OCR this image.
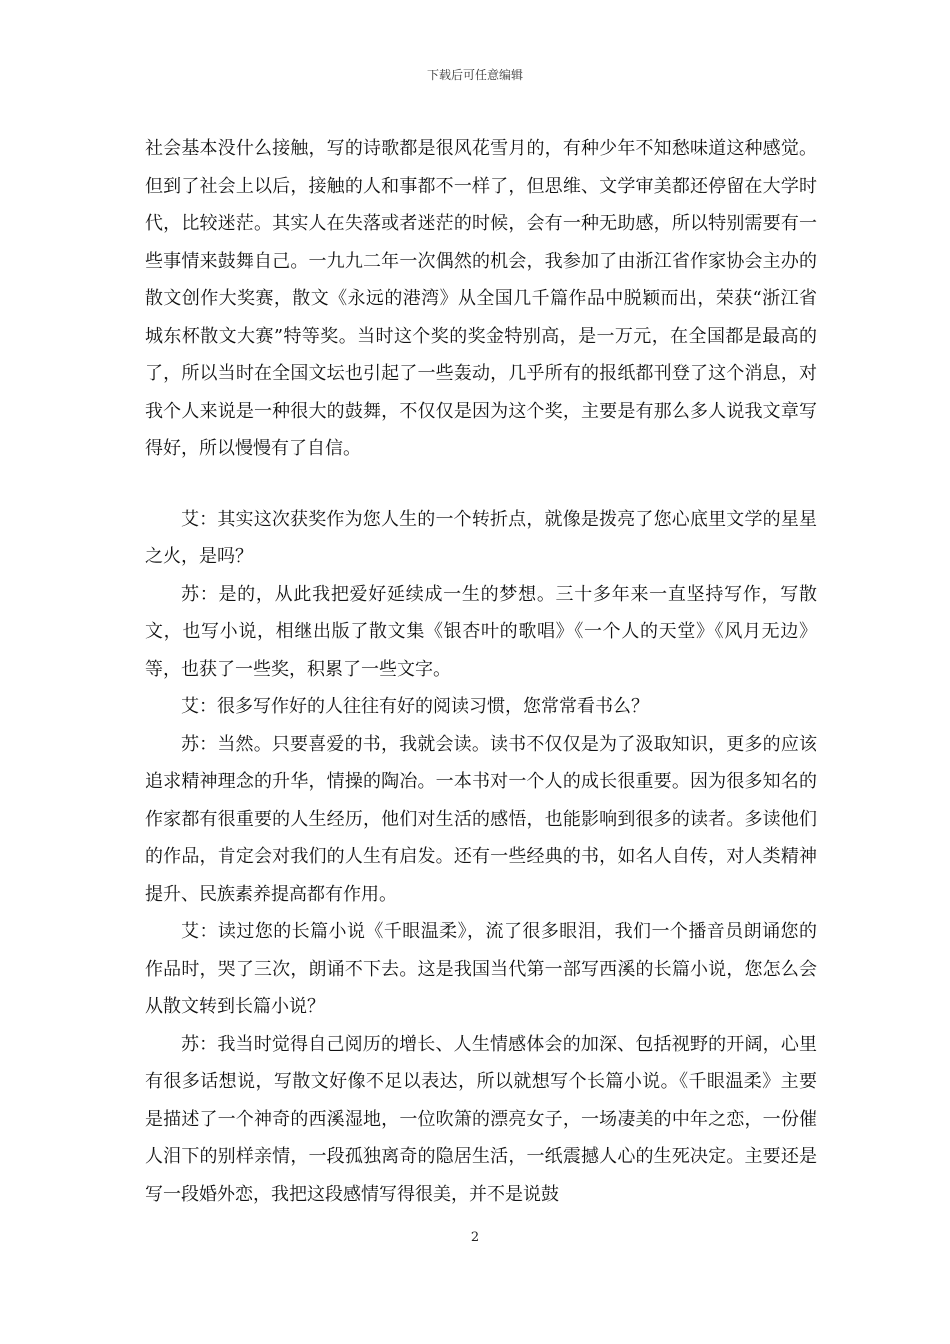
下载后可任意编辑

社会基本没什么接触，写的诗歌都是很风花雪月的，有种少年不知愁味道这种感觉。但到了社会上以后，接触的人和事都不一样了，但思维、文学审美都还停留在大学时代，比较迷茫。其实人在失落或者迷茫的时候，会有一种无助感，所以特别需要有一些事情来鼓舞自己。一九九二年一次偶然的机会，我参加了由浙江省作家协会主办的散文创作大奖赛，散文《永远的港湾》从全国几千篇作品中脱颖而出，荣获“浙江省城东杯散文大赛”特等奖。当时这个奖的奖金特别高，是一万元，在全国都是最高的了，所以当时在全国文坛也引起了一些轰动，几乎所有的报纸都刊登了这个消息，对我个人来说是一种很大的鼓舞，不仅仅是因为这个奖，主要是有那么多人说我文章写得好，所以慢慢有了自信。

艾：其实这次获奖作为您人生的一个转折点，就像是拨亮了您心底里文学的星星之火，是吗？

苏：是的，从此我把爱好延续成一生的梦想。三十多年来一直坚持写作，写散文，也写小说，相继出版了散文集《银杏叶的歌唱》《一个人的天堂》《风月无边》等，也获了一些奖，积累了一些文字。

艾：很多写作好的人往往有好的阅读习惯，您常常看书么？

苏：当然。只要喜爱的书，我就会读。读书不仅仅是为了汲取知识，更多的应该追求精神理念的升华，情操的陶冶。一本书对一个人的成长很重要。因为很多知名的作家都有很重要的人生经历，他们对生活的感悟，也能影响到很多的读者。多读他们的作品，肯定会对我们的人生有启发。还有一些经典的书，如名人自传，对人类精神提升、民族素养提高都有作用。

艾：读过您的长篇小说《千眼温柔》，流了很多眼泪，我们一个播音员朗诵您的作品时，哭了三次，朗诵不下去。这是我国当代第一部写西溪的长篇小说，您怎么会从散文转到长篇小说？

苏：我当时觉得自己阅历的增长、人生情感体会的加深、包括视野的开阔，心里有很多话想说，写散文好像不足以表达，所以就想写个长篇小说。《千眼温柔》主要是描述了一个神奇的西溪湿地，一位吹箫的漂亮女子，一场凄美的中年之恋，一份催人泪下的别样亲情，一段孤独离奇的隐居生活，一纸震撼人心的生死决定。主要还是写一段婚外恋，我把这段感情写得很美，并不是说鼓

2
